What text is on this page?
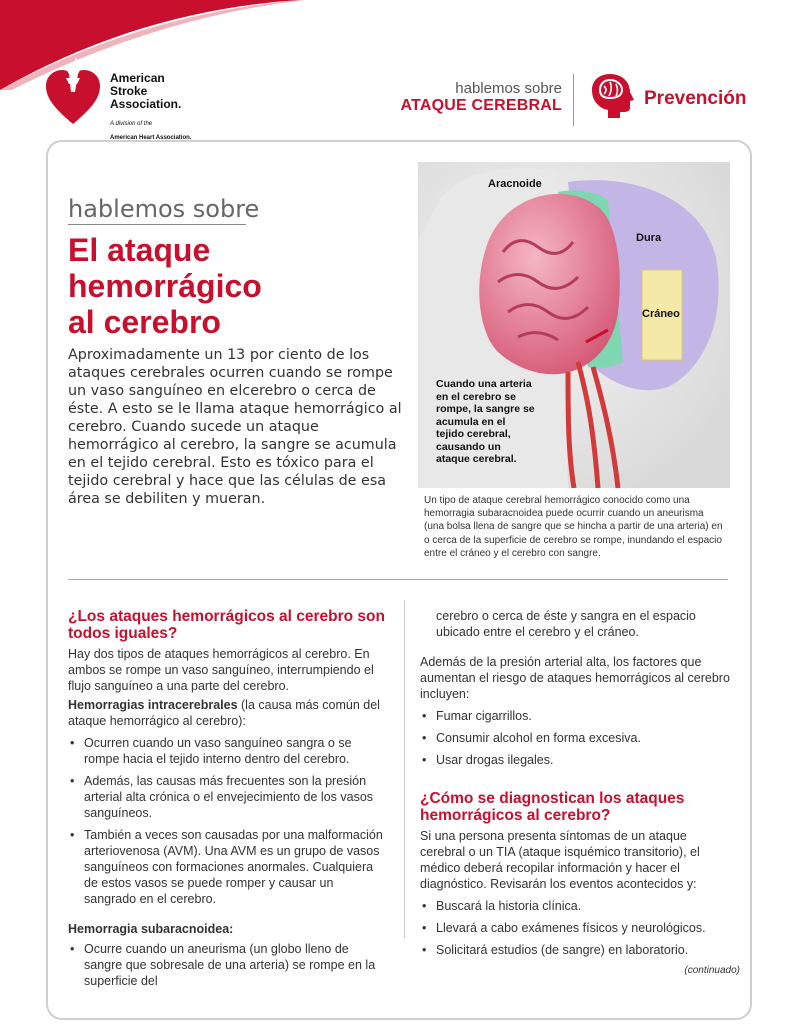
American
Stroke
Association.

A division of the

American Heart Association.

hablemos sobre
ATAQUE CEREBRAL	Prevención
hablemos sobre
El ataque
hemorrágico
al cerebro

Aproximadamente un 13 por ciento de los ataques cerebrales ocurren cuando se rompe un vaso sanguíneo en elcerebro o cerca de éste. A esto se le llama ataque hemorrágico al cerebro. Cuando sucede un ataque hemorrágico al cerebro, la sangre se acumula en el tejido cerebral. Esto es tóxico para el tejido cerebral y hace que las células de esa área se debiliten y mueran.

Aracnoide
Dura
Cráneo
Cuando una arteria en el cerebro se rompe, la sangre se acumula en el tejido cerebral, causando un ataque cerebral.

Un tipo de ataque cerebral hemorrágico conocido como una hemorragia subaracnoidea puede ocurrir cuando un aneurisma (una bolsa llena de sangre que se hincha a partir de una arteria) en o cerca de la superficie de cerebro se rompe, inundando el espacio entre el cráneo y el cerebro con sangre.

¿Los ataques hemorrágicos al cerebro son todos iguales?

Hay dos tipos de ataques hemorrágicos al cerebro. En ambos se rompe un vaso sanguíneo, interrumpiendo el flujo sanguíneo a una parte del cerebro.

Hemorragias intracerebrales (la causa más común del ataque hemorrágico al cerebro):

• Ocurren cuando un vaso sanguíneo sangra o se rompe hacia el tejido interno dentro del cerebro.
• Además, las causas más frecuentes son la presión arterial alta crónica o el envejecimiento de los vasos sanguíneos.
• También a veces son causadas por una malformación arteriovenosa (AVM). Una AVM es un grupo de vasos sanguíneos con formaciones anormales. Cualquiera de estos vasos se puede romper y causar un sangrado en el cerebro.

Hemorragia subaracnoidea:

• Ocurre cuando un aneurisma (un globo lleno de sangre que sobresale de una arteria) se rompe en la superficie del

cerebro o cerca de éste y sangra en el espacio ubicado entre el cerebro y el cráneo.

Además de la presión arterial alta, los factores que aumentan el riesgo de ataques hemorrágicos al cerebro incluyen:

• Fumar cigarrillos.
• Consumir alcohol en forma excesiva.
• Usar drogas ilegales.
¿Cómo se diagnostican los ataques hemorrágicos al cerebro?

Si una persona presenta síntomas de un ataque cerebral o un TIA (ataque isquémico transitorio), el médico deberá recopilar información y hacer el diagnóstico. Revisarán los eventos acontecidos y:

• Buscará la historia clínica.
• Llevará a cabo exámenes físicos y neurológicos.
• Solicitará estudios (de sangre) en laboratorio.
(continuado)
